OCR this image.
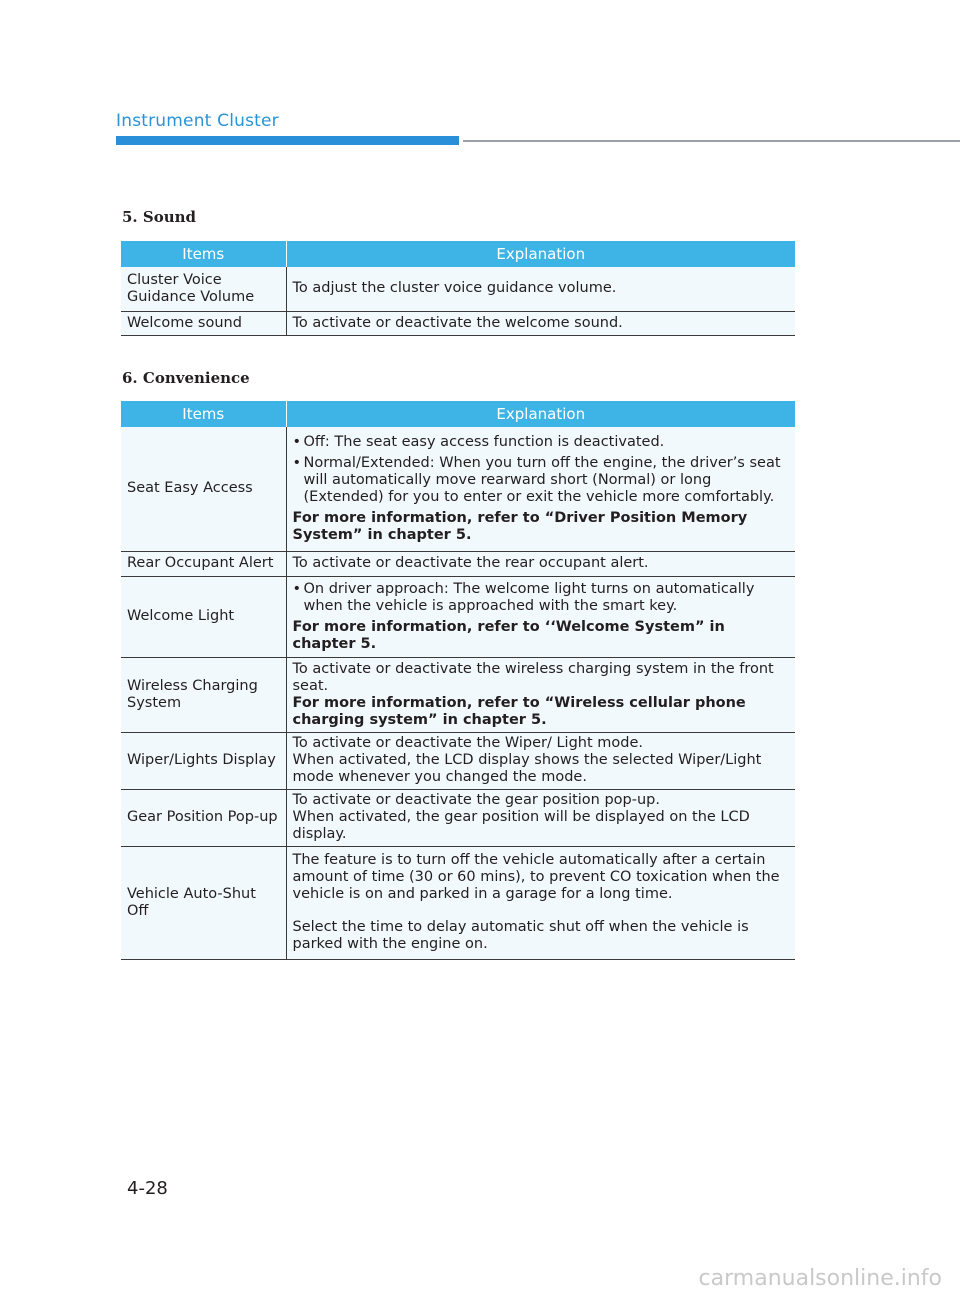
Instrument Cluster
5. Sound
Items	Explanation
Cluster Voice Guidance Volume	To adjust the cluster voice guidance volume.
Welcome sound	To activate or deactivate the welcome sound.
6. Convenience
Items	Explanation
Seat Easy Access	• Off: The seat easy access function is deactivated.
• Normal/Extended: When you turn off the engine, the driver’s seat will automatically move rearward short (Normal) or long (Extended) for you to enter or exit the vehicle more comfortably.
For more information, refer to “Driver Position Memory System” in chapter 5.

Rear Occupant Alert	To activate or deactivate the rear occupant alert.
Welcome Light	• On driver approach: The welcome light turns on automatically when the vehicle is approached with the smart key.
For more information, refer to ‘‘Welcome System” in chapter 5.

Wireless Charging System	To activate or deactivate the wireless charging system in the front seat.
For more information, refer to “Wireless cellular phone charging system” in chapter 5.

Wiper/Lights Display	To activate or deactivate the Wiper/ Light mode.
When activated, the LCD display shows the selected Wiper/Light mode whenever you changed the mode.

Gear Position Pop-up	To activate or deactivate the gear position pop-up.
When activated, the gear position will be displayed on the LCD display.

Vehicle Auto-Shut Off	The feature is to turn off the vehicle automatically after a certain amount of time (30 or 60 mins), to prevent CO toxication when the vehicle is on and parked in a garage for a long time.
Select the time to delay automatic shut off when the vehicle is parked with the engine on.
4-28
carmanualsonline.info
